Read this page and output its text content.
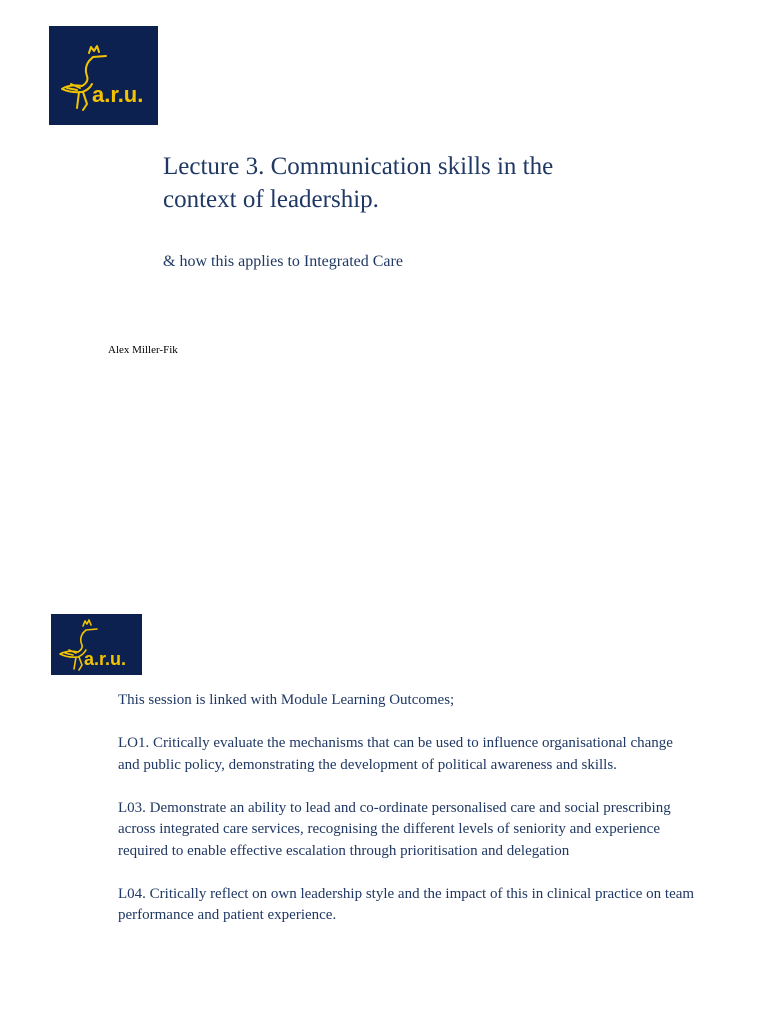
a.r.u.
Lecture 3. Communication skills in the
context of leadership.

& how this applies to Integrated Care

Alex Miller-Fik

a.r.u.

This session is linked with Module Learning Outcomes;

LO1. Critically evaluate the mechanisms that can be used to influence organisational change and public policy, demonstrating the development of political awareness and skills.

L03. Demonstrate an ability to lead and co-ordinate personalised care and social prescribing across integrated care services, recognising the different levels of seniority and experience required to enable effective escalation through prioritisation and delegation

L04. Critically reflect on own leadership style and the impact of this in clinical practice on team performance and patient experience.
